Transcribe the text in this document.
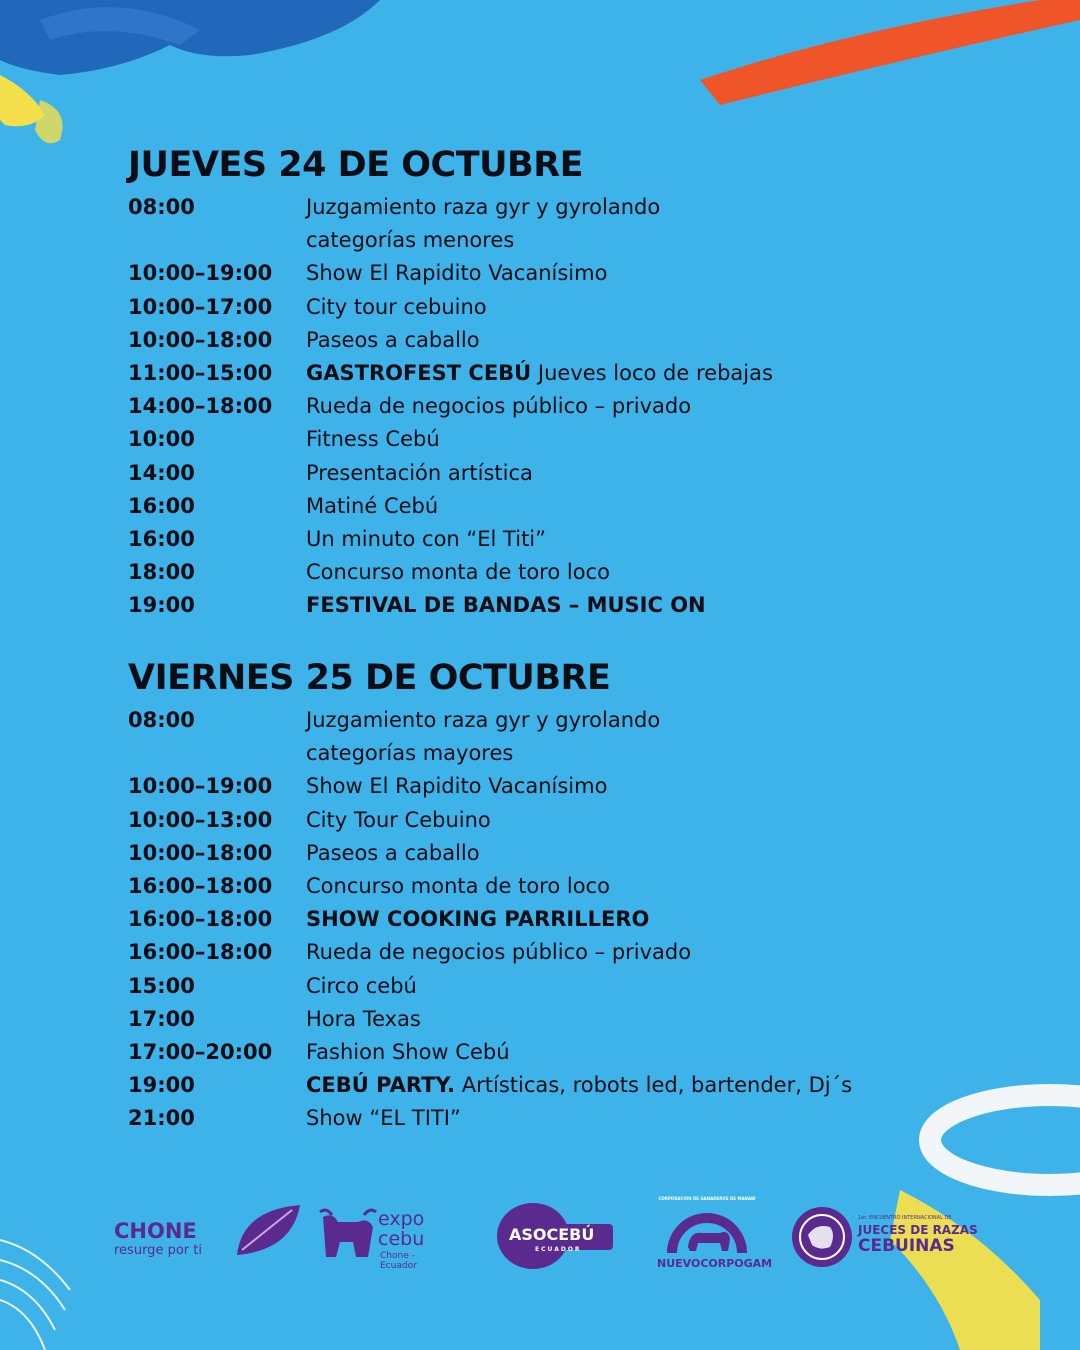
JUEVES 24 DE OCTUBRE
08:00	Juzgamiento raza gyr y gyrolando
categorías menores
10:00–19:00	Show El Rapidito Vacanísimo
10:00–17:00	City tour cebuino
10:00–18:00	Paseos a caballo
11:00–15:00	GASTROFEST CEBÚ Jueves loco de rebajas
14:00–18:00	Rueda de negocios público – privado
10:00	Fitness Cebú
14:00	Presentación artística
16:00	Matiné Cebú
16:00	Un minuto con “El Titi”
18:00	Concurso monta de toro loco
19:00	FESTIVAL DE BANDAS – MUSIC ON
VIERNES 25 DE OCTUBRE
08:00	Juzgamiento raza gyr y gyrolando
categorías mayores
10:00–19:00	Show El Rapidito Vacanísimo
10:00–13:00	City Tour Cebuino
10:00–18:00	Paseos a caballo
16:00–18:00	Concurso monta de toro loco
16:00–18:00	SHOW COOKING PARRILLERO
16:00–18:00	Rueda de negocios público – privado
15:00	Circo cebú
17:00	Hora Texas
17:00–20:00	Fashion Show Cebú
19:00	CEBÚ PARTY. Artísticas, robots led, bartender, Dj´s
21:00	Show “EL TITI”
CHONE
resurge por ti
expo cebu
Chone - Ecuador
ASOCEBÚ
ECUADOR
CORPORACIÓN DE GANADEROS DE MANABÍ
NUEVOCORPOGAM
1er. ENCUENTRO INTERNACIONAL DE
JUECES DE RAZAS
CEBUINAS
